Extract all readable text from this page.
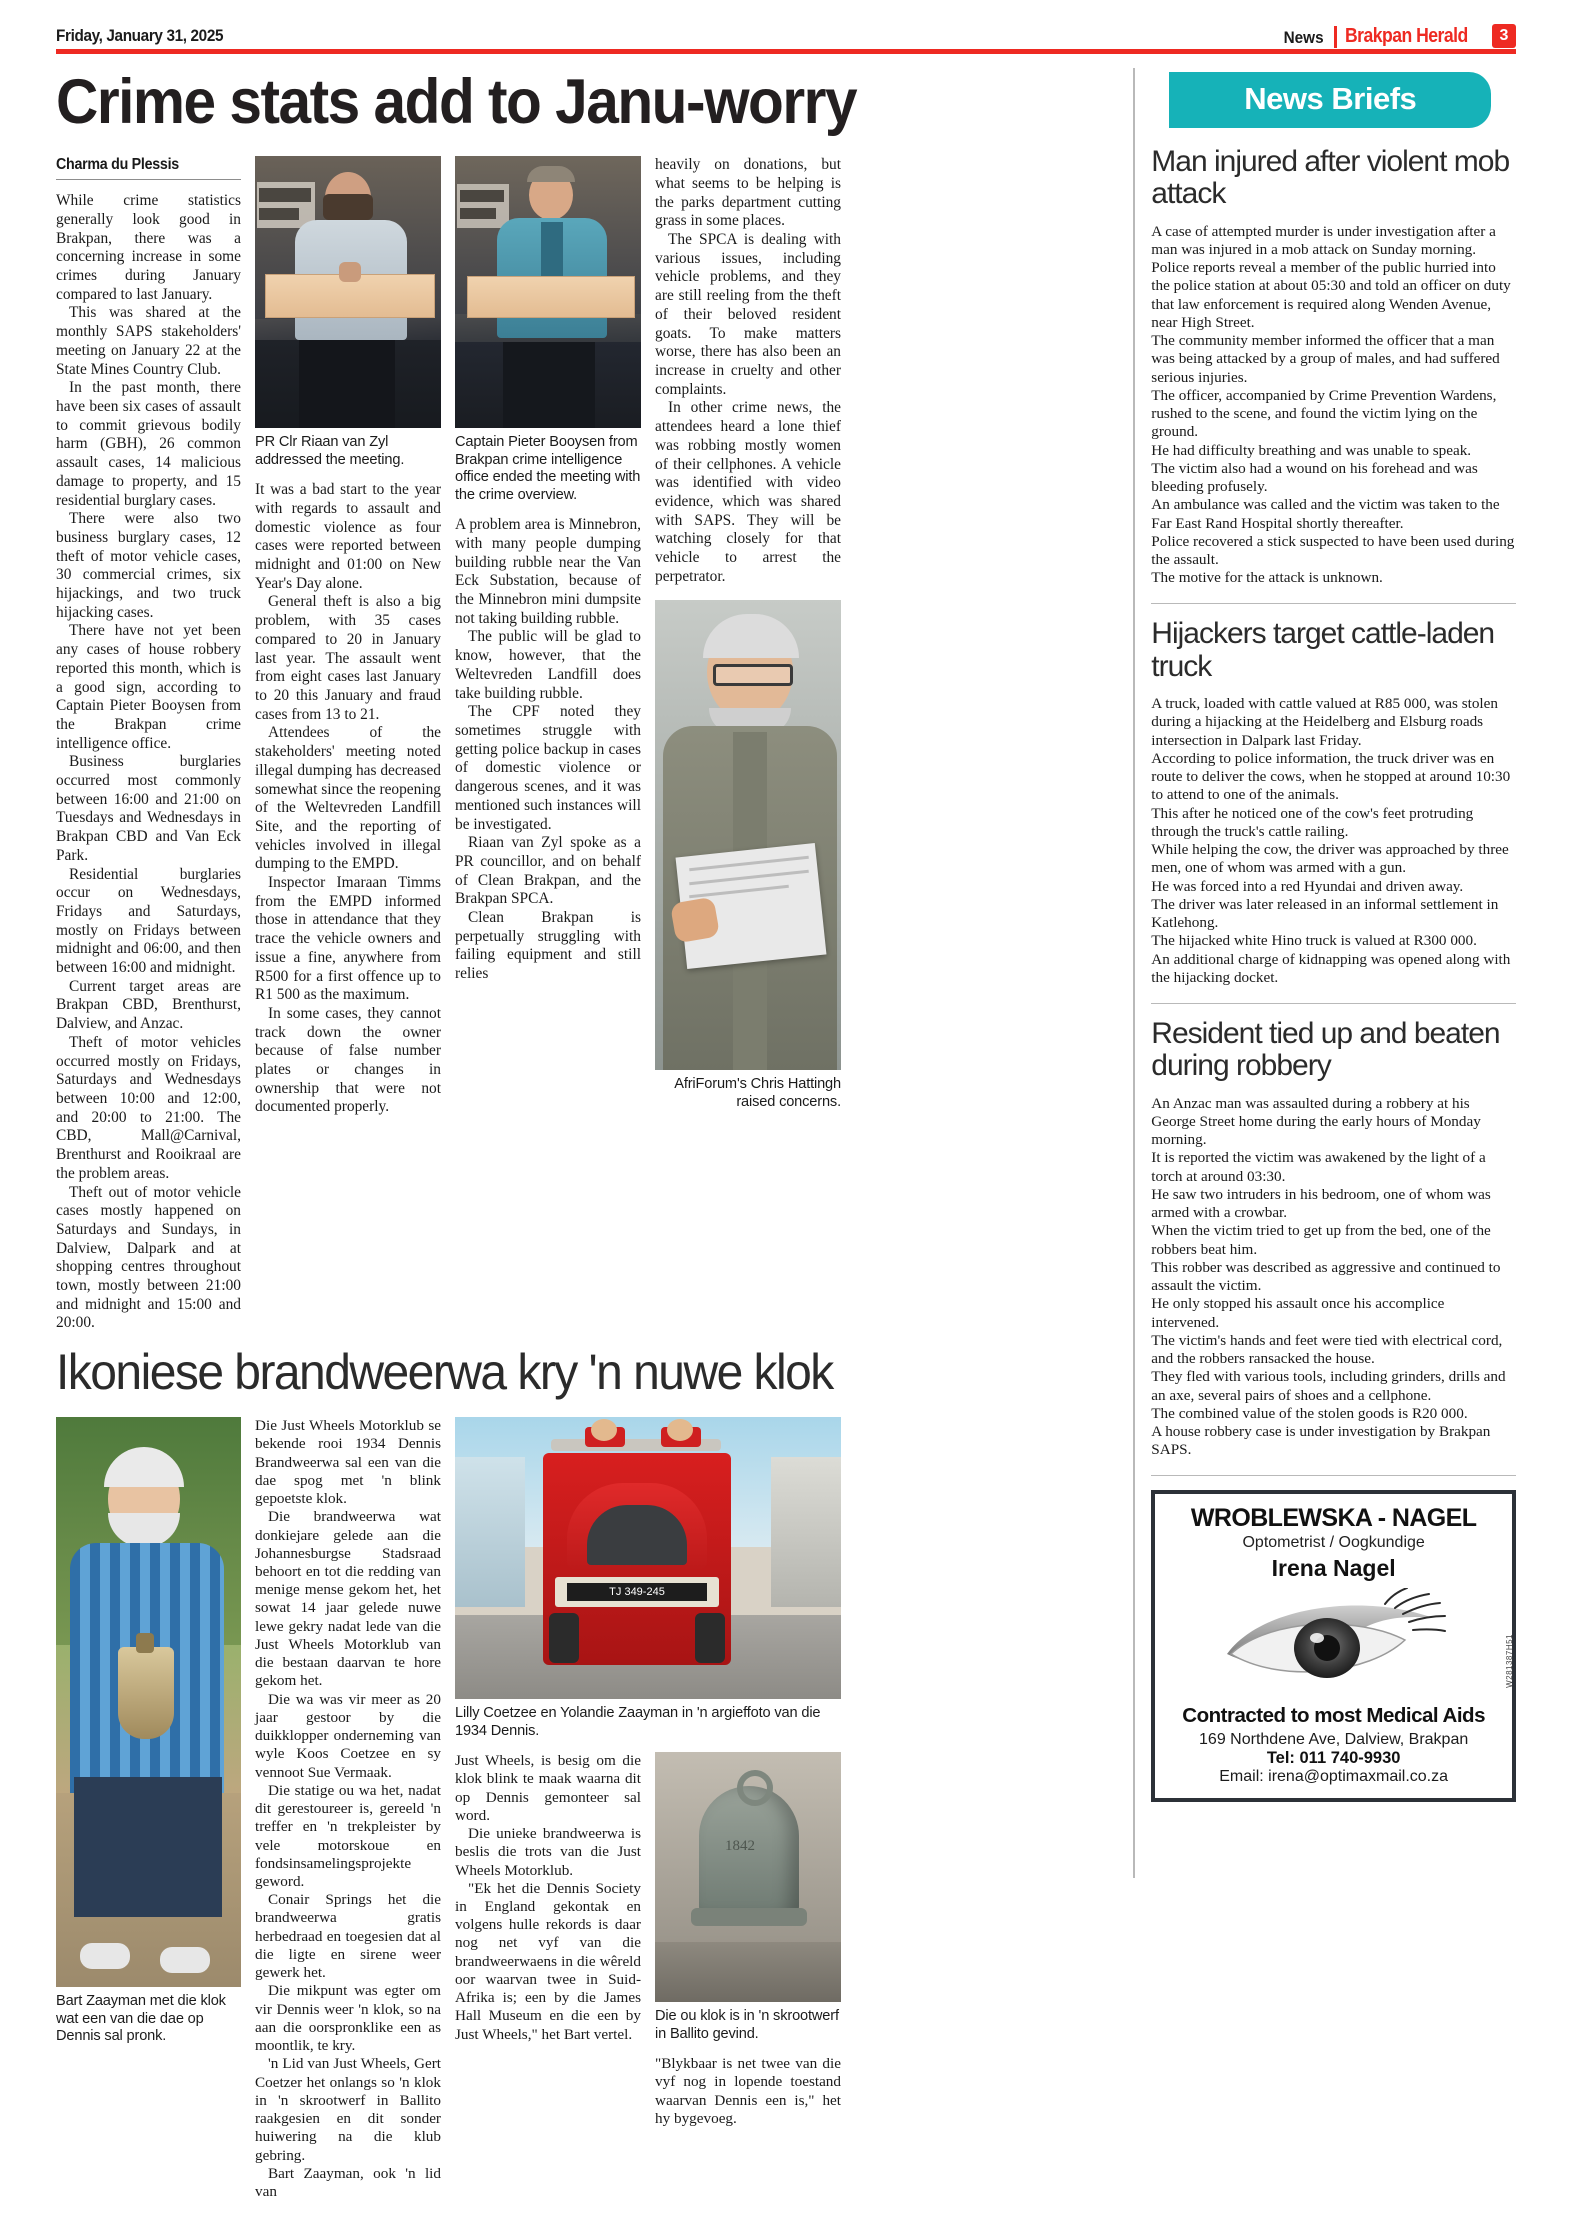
Friday, January 31, 2025	News	Brakpan Herald	3
Crime stats add to Janu-worry
Charma du Plessis

While crime statistics generally look good in Brakpan, there was a concerning increase in some crimes during January compared to last January.

This was shared at the monthly SAPS stakeholders' meeting on January 22 at the State Mines Country Club.

In the past month, there have been six cases of assault to commit grievous bodily harm (GBH), 26 common assault cases, 14 malicious damage to property, and 15 residential burglary cases.

There were also two business burglary cases, 12 theft of motor vehicle cases, 30 commercial crimes, six hijackings, and two truck hijacking cases.

There have not yet been any cases of house robbery reported this month, which is a good sign, according to Captain Pieter Booysen from the Brakpan crime intelligence office.

Business burglaries occurred most commonly between 16:00 and 21:00 on Tuesdays and Wednesdays in Brakpan CBD and Van Eck Park.

Residential burglaries occur on Wednesdays, Fridays and Saturdays, mostly on Fridays between midnight and 06:00, and then between 16:00 and midnight.

Current target areas are Brakpan CBD, Brenthurst, Dalview, and Anzac.

Theft of motor vehicles occurred mostly on Fridays, Saturdays and Wednesdays between 10:00 and 12:00, and 20:00 to 21:00. The CBD, Mall@Carnival, Brenthurst and Rooikraal are the problem areas.

Theft out of motor vehicle cases mostly happened on Saturdays and Sundays, in Dalview, Dalpark and at shopping centres throughout town, mostly between 21:00 and midnight and 15:00 and 20:00.

PR Clr Riaan van Zyl addressed the meeting.

It was a bad start to the year with regards to assault and domestic violence as four cases were reported between midnight and 01:00 on New Year's Day alone.

General theft is also a big problem, with 35 cases compared to 20 in January last year. The assault went from eight cases last January to 20 this January and fraud cases from 13 to 21.

Attendees of the stakeholders' meeting noted illegal dumping has decreased somewhat since the reopening of the Weltevreden Landfill Site, and the reporting of vehicles involved in illegal dumping to the EMPD.

Inspector Imaraan Timms from the EMPD informed those in attendance that they trace the vehicle owners and issue a fine, anywhere from R500 for a first offence up to R1 500 as the maximum.

In some cases, they cannot track down the owner because of false number plates or changes in ownership that were not documented properly.

Captain Pieter Booysen from Brakpan crime intelligence office ended the meeting with the crime overview.

A problem area is Minnebron, with many people dumping building rubble near the Van Eck Substation, because of the Minnebron mini dumpsite not taking building rubble.

The public will be glad to know, however, that the Weltevreden Landfill does take building rubble.

The CPF noted they sometimes struggle with getting police backup in cases of domestic violence or dangerous scenes, and it was mentioned such instances will be investigated.

Riaan van Zyl spoke as a PR councillor, and on behalf of Clean Brakpan, and the Brakpan SPCA.

Clean Brakpan is perpetually struggling with failing equipment and still relies

heavily on donations, but what seems to be helping is the parks department cutting grass in some places.

The SPCA is dealing with various issues, including vehicle problems, and they are still reeling from the theft of their beloved resident goats. To make matters worse, there has also been an increase in cruelty and other complaints.

In other crime news, the attendees heard a lone thief was robbing mostly women of their cellphones. A vehicle was identified with video evidence, which was shared with SAPS. They will be watching closely for that vehicle to arrest the perpetrator.

AfriForum's Chris Hattingh raised concerns.
Ikoniese brandweerwa kry 'n nuwe klok
Bart Zaayman met die klok wat een van die dae op Dennis sal pronk.

Die Just Wheels Motorklub se bekende rooi 1934 Dennis Brandweerwa sal een van die dae spog met 'n blink gepoetste klok.

Die brandweerwa wat donkiejare gelede aan die Johannesburgse Stadsraad behoort en tot die redding van menige mense gekom het, het sowat 14 jaar gelede nuwe lewe gekry nadat lede van die Just Wheels Motorklub van die bestaan daarvan te hore gekom het.

Die wa was vir meer as 20 jaar gestoor by die duikklopper onderneming van wyle Koos Coetzee en sy vennoot Sue Vermaak.

Die statige ou wa het, nadat dit gerestoureer is, gereeld 'n treffer en 'n trekpleister by vele motorskoue en fondsinsamelingsprojekte geword.

Conair Springs het die brandweerwa gratis herbedraad en toegesien dat al die ligte en sirene weer gewerk het.

Die mikpunt was egter om vir Dennis weer 'n klok, so na aan die oorspronklike een as moontlik, te kry.

'n Lid van Just Wheels, Gert Coetzer het onlangs so 'n klok in 'n skrootwerf in Ballito raakgesien en dit sonder huiwering na die klub gebring.

Bart Zaayman, ook 'n lid van

TJ 349-245
Lilly Coetzee en Yolandie Zaayman in 'n argieffoto van die 1934 Dennis.

Just Wheels, is besig om die klok blink te maak waarna dit op Dennis gemonteer sal word.

Die unieke brandweerwa is beslis die trots van die Just Wheels Motorklub.

"Ek het die Dennis Society in England gekontak en volgens hulle rekords is daar nog net vyf van die brandweerwaens in die wêreld oor waarvan twee in Suid-Afrika is; een by die James Hall Museum en die een by Just Wheels," het Bart vertel.

1842
Die ou klok is in 'n skrootwerf in Ballito gevind.

"Blykbaar is net twee van die vyf nog in lopende toestand waarvan Dennis een is," het hy bygevoeg.

News Briefs
Man injured after violent mob attack

A case of attempted murder is under investigation after a man was injured in a mob attack on Sunday morning.

Police reports reveal a member of the public hurried into the police station at about 05:30 and told an officer on duty that law enforcement is required along Wenden Avenue, near High Street.

The community member informed the officer that a man was being attacked by a group of males, and had suffered serious injuries.

The officer, accompanied by Crime Prevention Wardens, rushed to the scene, and found the victim lying on the ground.

He had difficulty breathing and was unable to speak.

The victim also had a wound on his forehead and was bleeding profusely.

An ambulance was called and the victim was taken to the Far East Rand Hospital shortly thereafter.

Police recovered a stick suspected to have been used during the assault.

The motive for the attack is unknown.

Hijackers target cattle-laden truck

A truck, loaded with cattle valued at R85 000, was stolen during a hijacking at the Heidelberg and Elsburg roads intersection in Dalpark last Friday.

According to police information, the truck driver was en route to deliver the cows, when he stopped at around 10:30 to attend to one of the animals.

This after he noticed one of the cow's feet protruding through the truck's cattle railing.

While helping the cow, the driver was approached by three men, one of whom was armed with a gun.

He was forced into a red Hyundai and driven away.

The driver was later released in an informal settlement in Katlehong.

The hijacked white Hino truck is valued at R300 000.

An additional charge of kidnapping was opened along with the hijacking docket.

Resident tied up and beaten during robbery

An Anzac man was assaulted during a robbery at his George Street home during the early hours of Monday morning.

It is reported the victim was awakened by the light of a torch at around 03:30.

He saw two intruders in his bedroom, one of whom was armed with a crowbar.

When the victim tried to get up from the bed, one of the robbers beat him.

This robber was described as aggressive and continued to assault the victim.

He only stopped his assault once his accomplice intervened.

The victim's hands and feet were tied with electrical cord, and the robbers ransacked the house.

They fled with various tools, including grinders, drills and an axe, several pairs of shoes and a cellphone.

The combined value of the stolen goods is R20 000.

A house robbery case is under investigation by Brakpan SAPS.

WROBLEWSKA - NAGEL
Optometrist / Oogkundige
Irena Nagel
Contracted to most Medical Aids
169 Northdene Ave, Dalview, Brakpan
Tel: 011 740-9930
Email: irena@optimaxmail.co.za
W281387H51
